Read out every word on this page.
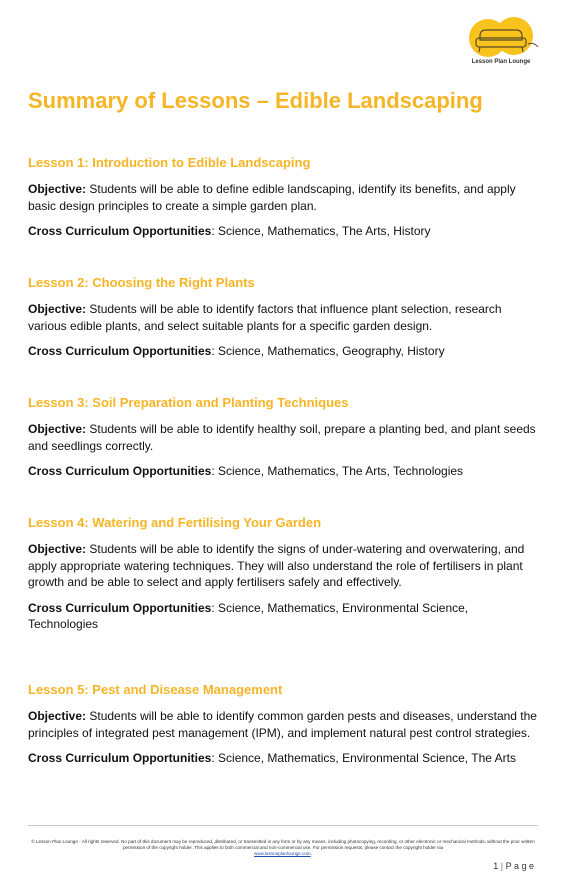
Lesson Plan Lounge
Summary of Lessons – Edible Landscaping
Lesson 1: Introduction to Edible Landscaping

Objective: Students will be able to define edible landscaping, identify its benefits, and apply basic design principles to create a simple garden plan.

Cross Curriculum Opportunities: Science, Mathematics, The Arts, History

Lesson 2: Choosing the Right Plants

Objective: Students will be able to identify factors that influence plant selection, research various edible plants, and select suitable plants for a specific garden design.

Cross Curriculum Opportunities: Science, Mathematics, Geography, History

Lesson 3: Soil Preparation and Planting Techniques

Objective: Students will be able to identify healthy soil, prepare a planting bed, and plant seeds and seedlings correctly.

Cross Curriculum Opportunities: Science, Mathematics, The Arts, Technologies

Lesson 4: Watering and Fertilising Your Garden

Objective: Students will be able to identify the signs of under-watering and overwatering, and apply appropriate watering techniques. They will also understand the role of fertilisers in plant growth and be able to select and apply fertilisers safely and effectively.

Cross Curriculum Opportunities: Science, Mathematics, Environmental Science, Technologies

Lesson 5: Pest and Disease Management

Objective: Students will be able to identify common garden pests and diseases, understand the principles of integrated pest management (IPM), and implement natural pest control strategies.

Cross Curriculum Opportunities: Science, Mathematics, Environmental Science, The Arts

© Lesson Plan Lounge - All rights reserved. No part of this document may be reproduced, distributed, or transmitted in any form or by any means, including photocopying, recording, or other electronic or mechanical methods, without the prior written permission of the copyright holder. This applies to both commercial and non-commercial use. For permission requests, please contact the copyright holder via
www.lessonplanlounge.com.
1 | P a g e
